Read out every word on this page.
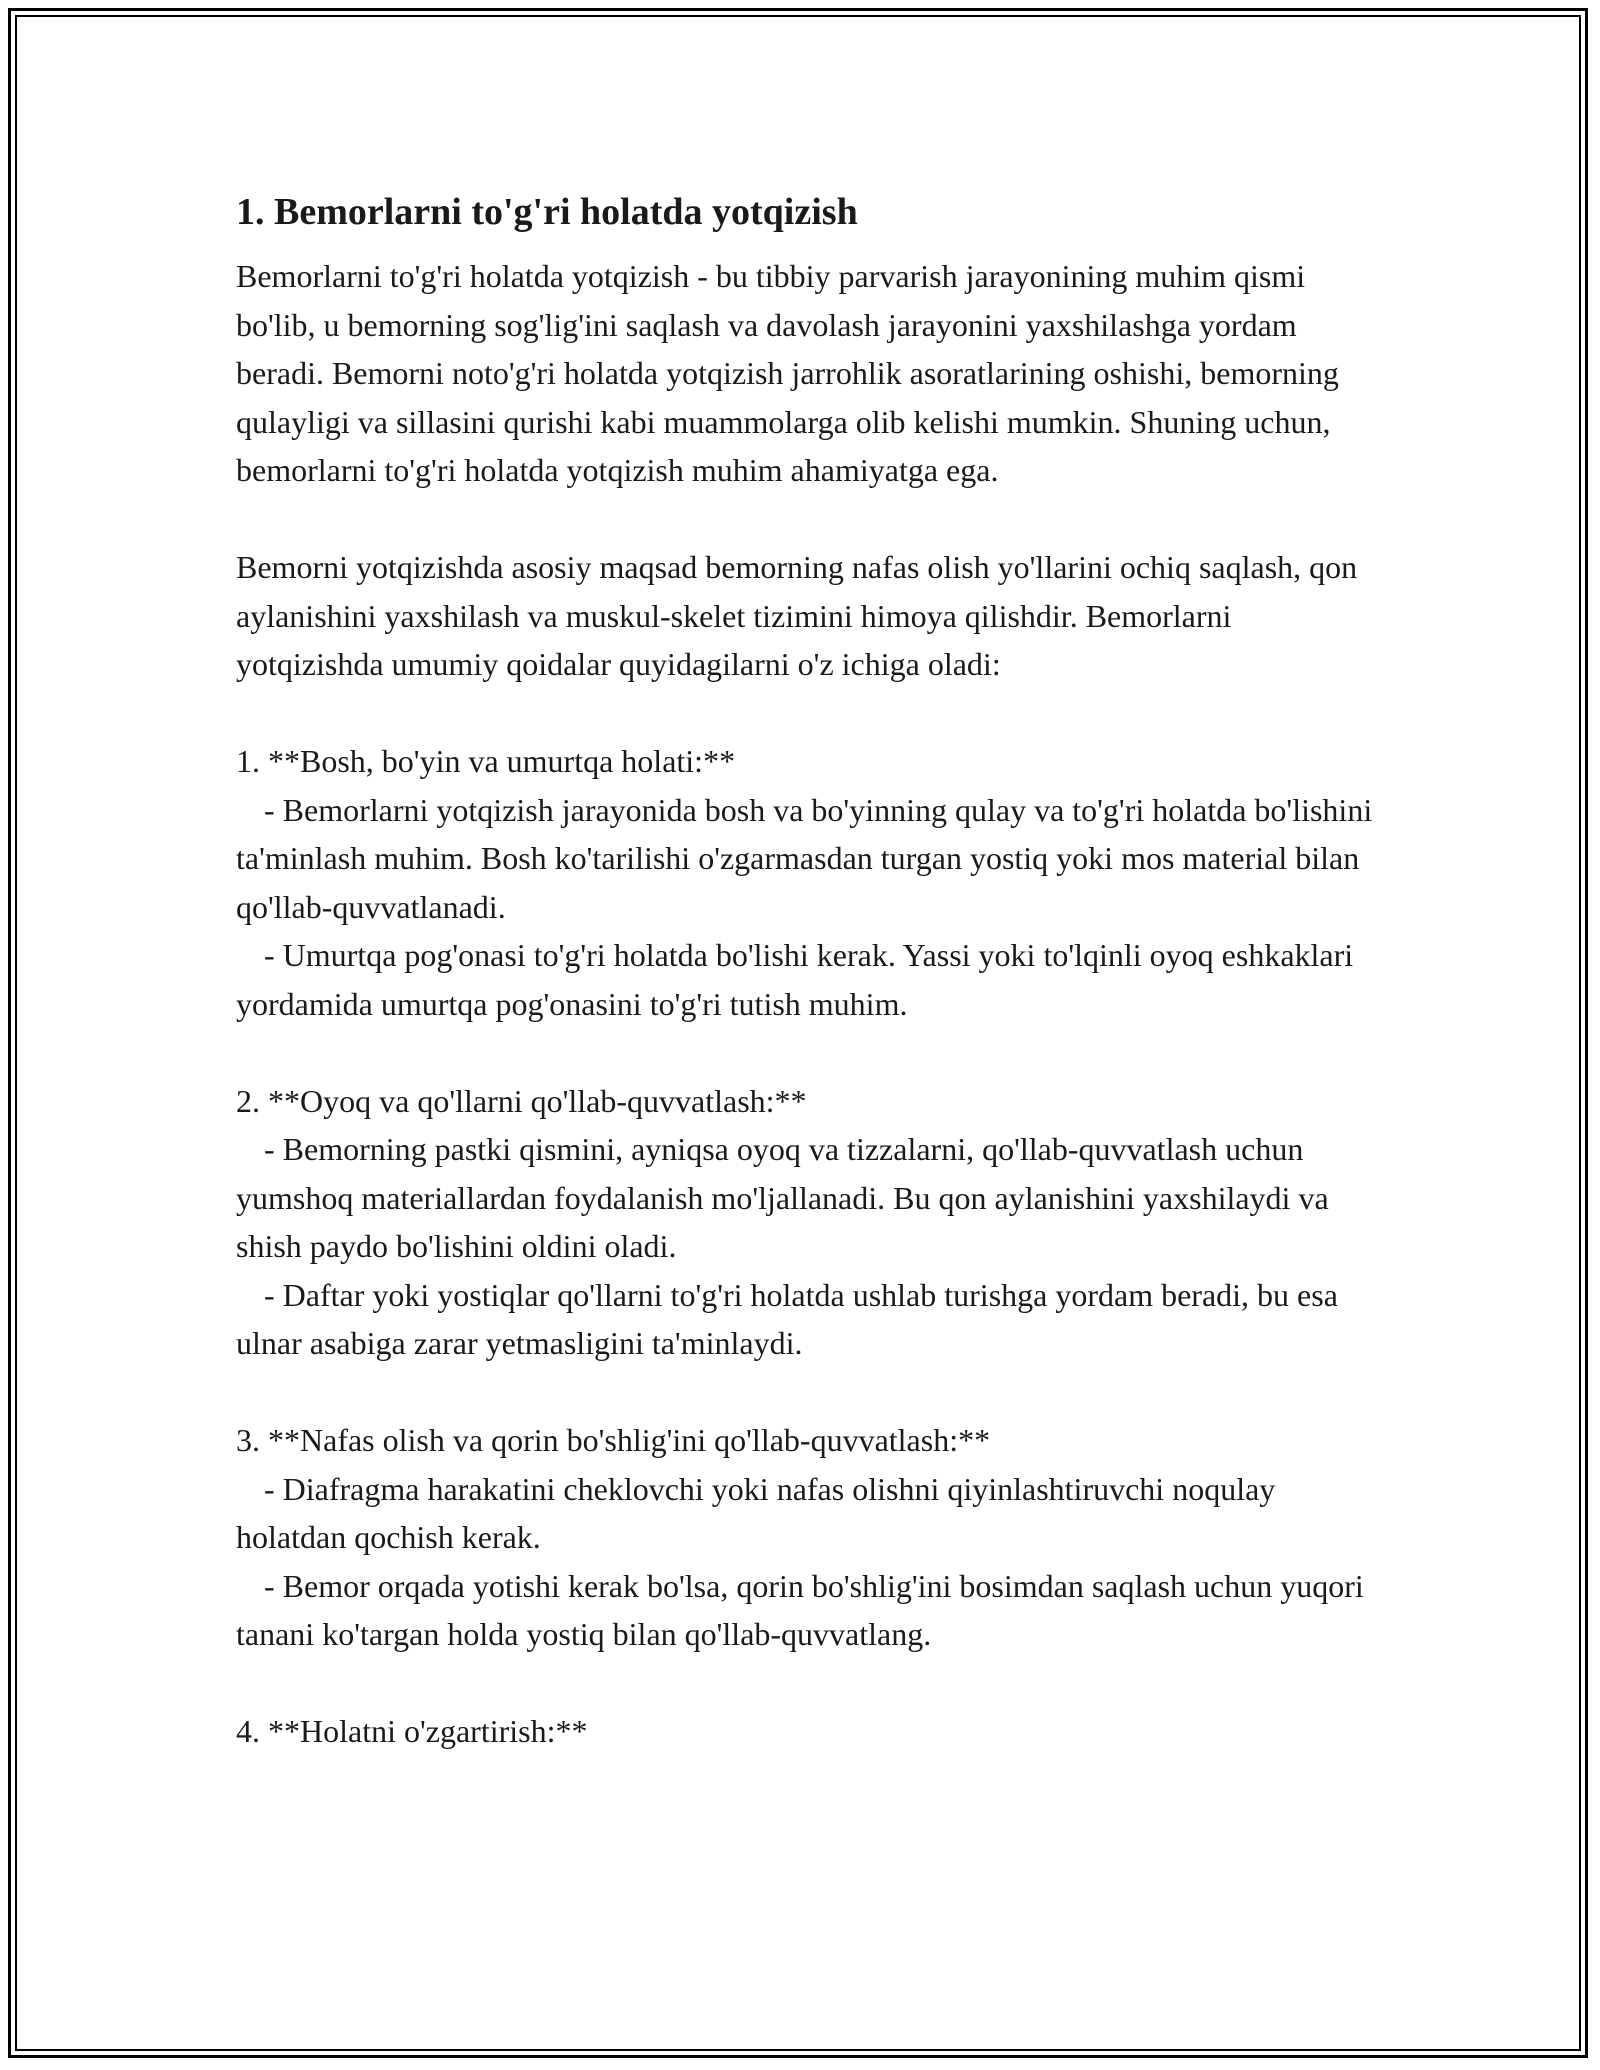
1. Bemorlarni to'g'ri holatda yotqizish

Bemorlarni to'g'ri holatda yotqizish - bu tibbiy parvarish jarayonining muhim qismi bo'lib, u bemorning sog'lig'ini saqlash va davolash jarayonini yaxshilashga yordam beradi. Bemorni noto'g'ri holatda yotqizish jarrohlik asoratlarining oshishi, bemorning qulayligi va sillasini qurishi kabi muammolarga olib kelishi mumkin. Shuning uchun, bemorlarni to'g'ri holatda yotqizish muhim ahamiyatga ega.

Bemorni yotqizishda asosiy maqsad bemorning nafas olish yo'llarini ochiq saqlash, qon aylanishini yaxshilash va muskul-skelet tizimini himoya qilishdir. Bemorlarni yotqizishda umumiy qoidalar quyidagilarni o'z ichiga oladi:

1. **Bosh, bo'yin va umurtqa holati:**

- Bemorlarni yotqizish jarayonida bosh va bo'yinning qulay va to'g'ri holatda bo'lishini ta'minlash muhim. Bosh ko'tarilishi o'zgarmasdan turgan yostiq yoki mos material bilan qo'llab-quvvatlanadi.

- Umurtqa pog'onasi to'g'ri holatda bo'lishi kerak. Yassi yoki to'lqinli oyoq eshkaklari yordamida umurtqa pog'onasini to'g'ri tutish muhim.

2. **Oyoq va qo'llarni qo'llab-quvvatlash:**

- Bemorning pastki qismini, ayniqsa oyoq va tizzalarni, qo'llab-quvvatlash uchun yumshoq materiallardan foydalanish mo'ljallanadi. Bu qon aylanishini yaxshilaydi va shish paydo bo'lishini oldini oladi.

- Daftar yoki yostiqlar qo'llarni to'g'ri holatda ushlab turishga yordam beradi, bu esa ulnar asabiga zarar yetmasligini ta'minlaydi.

3. **Nafas olish va qorin bo'shlig'ini qo'llab-quvvatlash:**

- Diafragma harakatini cheklovchi yoki nafas olishni qiyinlashtiruvchi noqulay holatdan qochish kerak.

- Bemor orqada yotishi kerak bo'lsa, qorin bo'shlig'ini bosimdan saqlash uchun yuqori tanani ko'targan holda yostiq bilan qo'llab-quvvatlang.

4. **Holatni o'zgartirish:**
